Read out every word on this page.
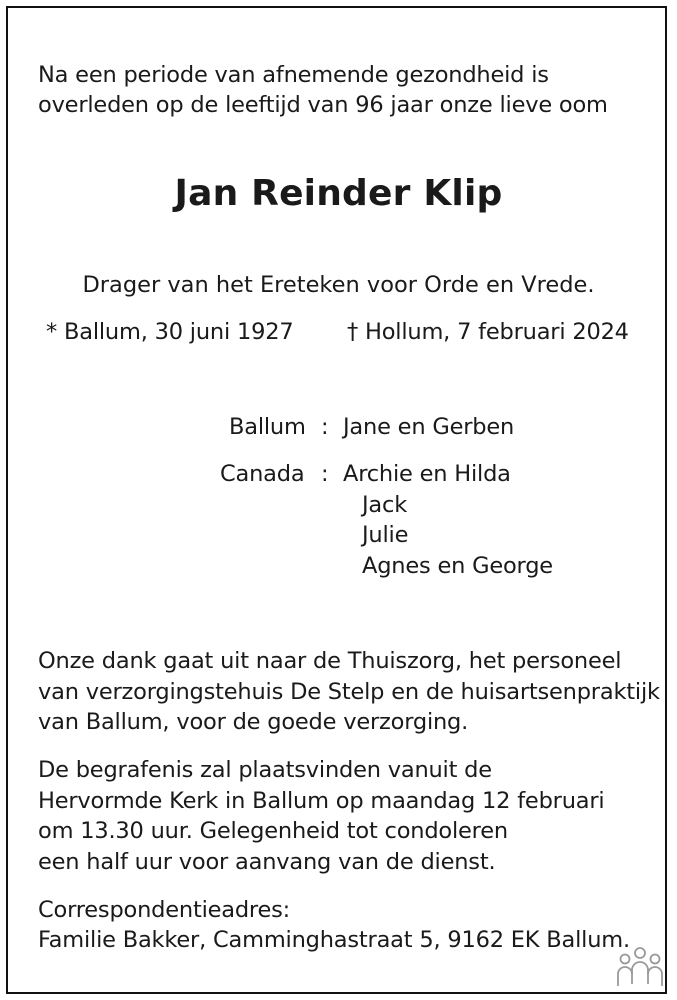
Na een periode van afnemende gezondheid is
overleden op de leeftijd van 96 jaar onze lieve oom
Jan Reinder Klip
Drager van het Ereteken voor Orde en Vrede.
* Ballum, 30 juni 1927 † Hollum, 7 februari 2024
Ballum : Jane en Gerben
Canada : Archie en Hilda
Jack
Julie
Agnes en George
Onze dank gaat uit naar de Thuiszorg, het personeel
van verzorgingstehuis De Stelp en de huisartsenpraktijk
van Ballum, voor de goede verzorging.
De begrafenis zal plaatsvinden vanuit de
Hervormde Kerk in Ballum op maandag 12 februari
om 13.30 uur. Gelegenheid tot condoleren
een half uur voor aanvang van de dienst.
Correspondentieadres:
Familie Bakker, Camminghastraat 5, 9162 EK Ballum.
